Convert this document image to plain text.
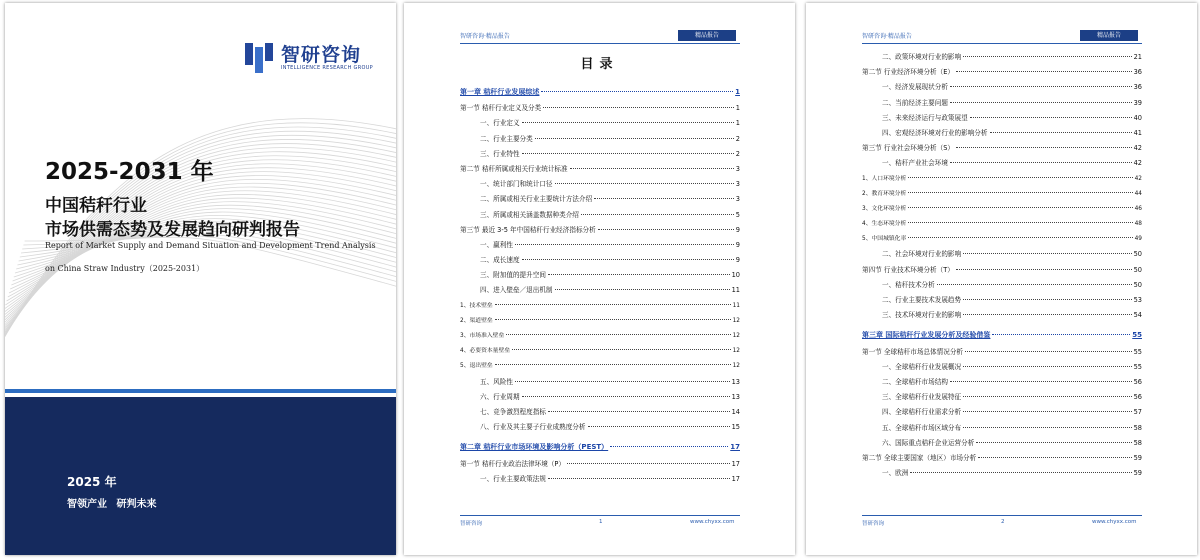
智研咨询
INTELLIGENCE RESEARCH GROUP
2025-2031 年
中国秸秆行业
市场供需态势及发展趋向研判报告
Report of Market Supply and Demand Situation and Development Trend Analysis
on China Straw Industry（2025-2031）
2025 年
智领产业 研判未来
智研咨询·精品报告	精品报告
目录
第一章 秸秆行业发展综述	1
第一节 秸秆行业定义及分类	1
一、行业定义	1
二、行业主要分类	2
三、行业特性	2
第二节 秸秆所属或相关行业统计标准	3
一、统计部门和统计口径	3
二、所属或相关行业主要统计方法介绍	3
三、所属或相关涵盖数据种类介绍	5
第三节 最近 3-5 年中国秸秆行业经济指标分析	9
一、赢利性	9
二、成长速度	9
三、附加值的提升空间	10
四、进入壁垒／退出机制	11
1、技术壁垒	11
2、渠道壁垒	12
3、市场准入壁垒	12
4、必要资本量壁垒	12
5、退出壁垒	12
五、风险性	13
六、行业周期	13
七、竞争激烈程度指标	14
八、行业及其主要子行业成熟度分析	15
第二章 秸秆行业市场环境及影响分析（PEST）	17
第一节 秸秆行业政治法律环境（P）	17
一、行业主要政策法规	17
智研咨询	1	www.chyxx.com
智研咨询·精品报告	精品报告
二、政策环境对行业的影响	21
第二节 行业经济环境分析（E）	36
一、经济发展现状分析	36
二、当前经济主要问题	39
三、未来经济运行与政策展望	40
四、宏观经济环境对行业的影响分析	41
第三节 行业社会环境分析（S）	42
一、秸秆产业社会环境	42
1、人口环境分析	42
2、教育环境分析	44
3、文化环境分析	46
4、生态环境分析	48
5、中国城镇化率	49
二、社会环境对行业的影响	50
第四节 行业技术环境分析（T）	50
一、秸秆技术分析	50
二、行业主要技术发展趋势	53
三、技术环境对行业的影响	54
第三章 国际秸秆行业发展分析及经验借鉴	55
第一节 全球秸秆市场总体情况分析	55
一、全球秸秆行业发展概况	55
二、全球秸秆市场结构	56
三、全球秸秆行业发展特征	56
四、全球秸秆行业需求分析	57
五、全球秸秆市场区域分布	58
六、国际重点秸秆企业运营分析	58
第二节 全球主要国家（地区）市场分析	59
一、欧洲	59
智研咨询	2	www.chyxx.com
